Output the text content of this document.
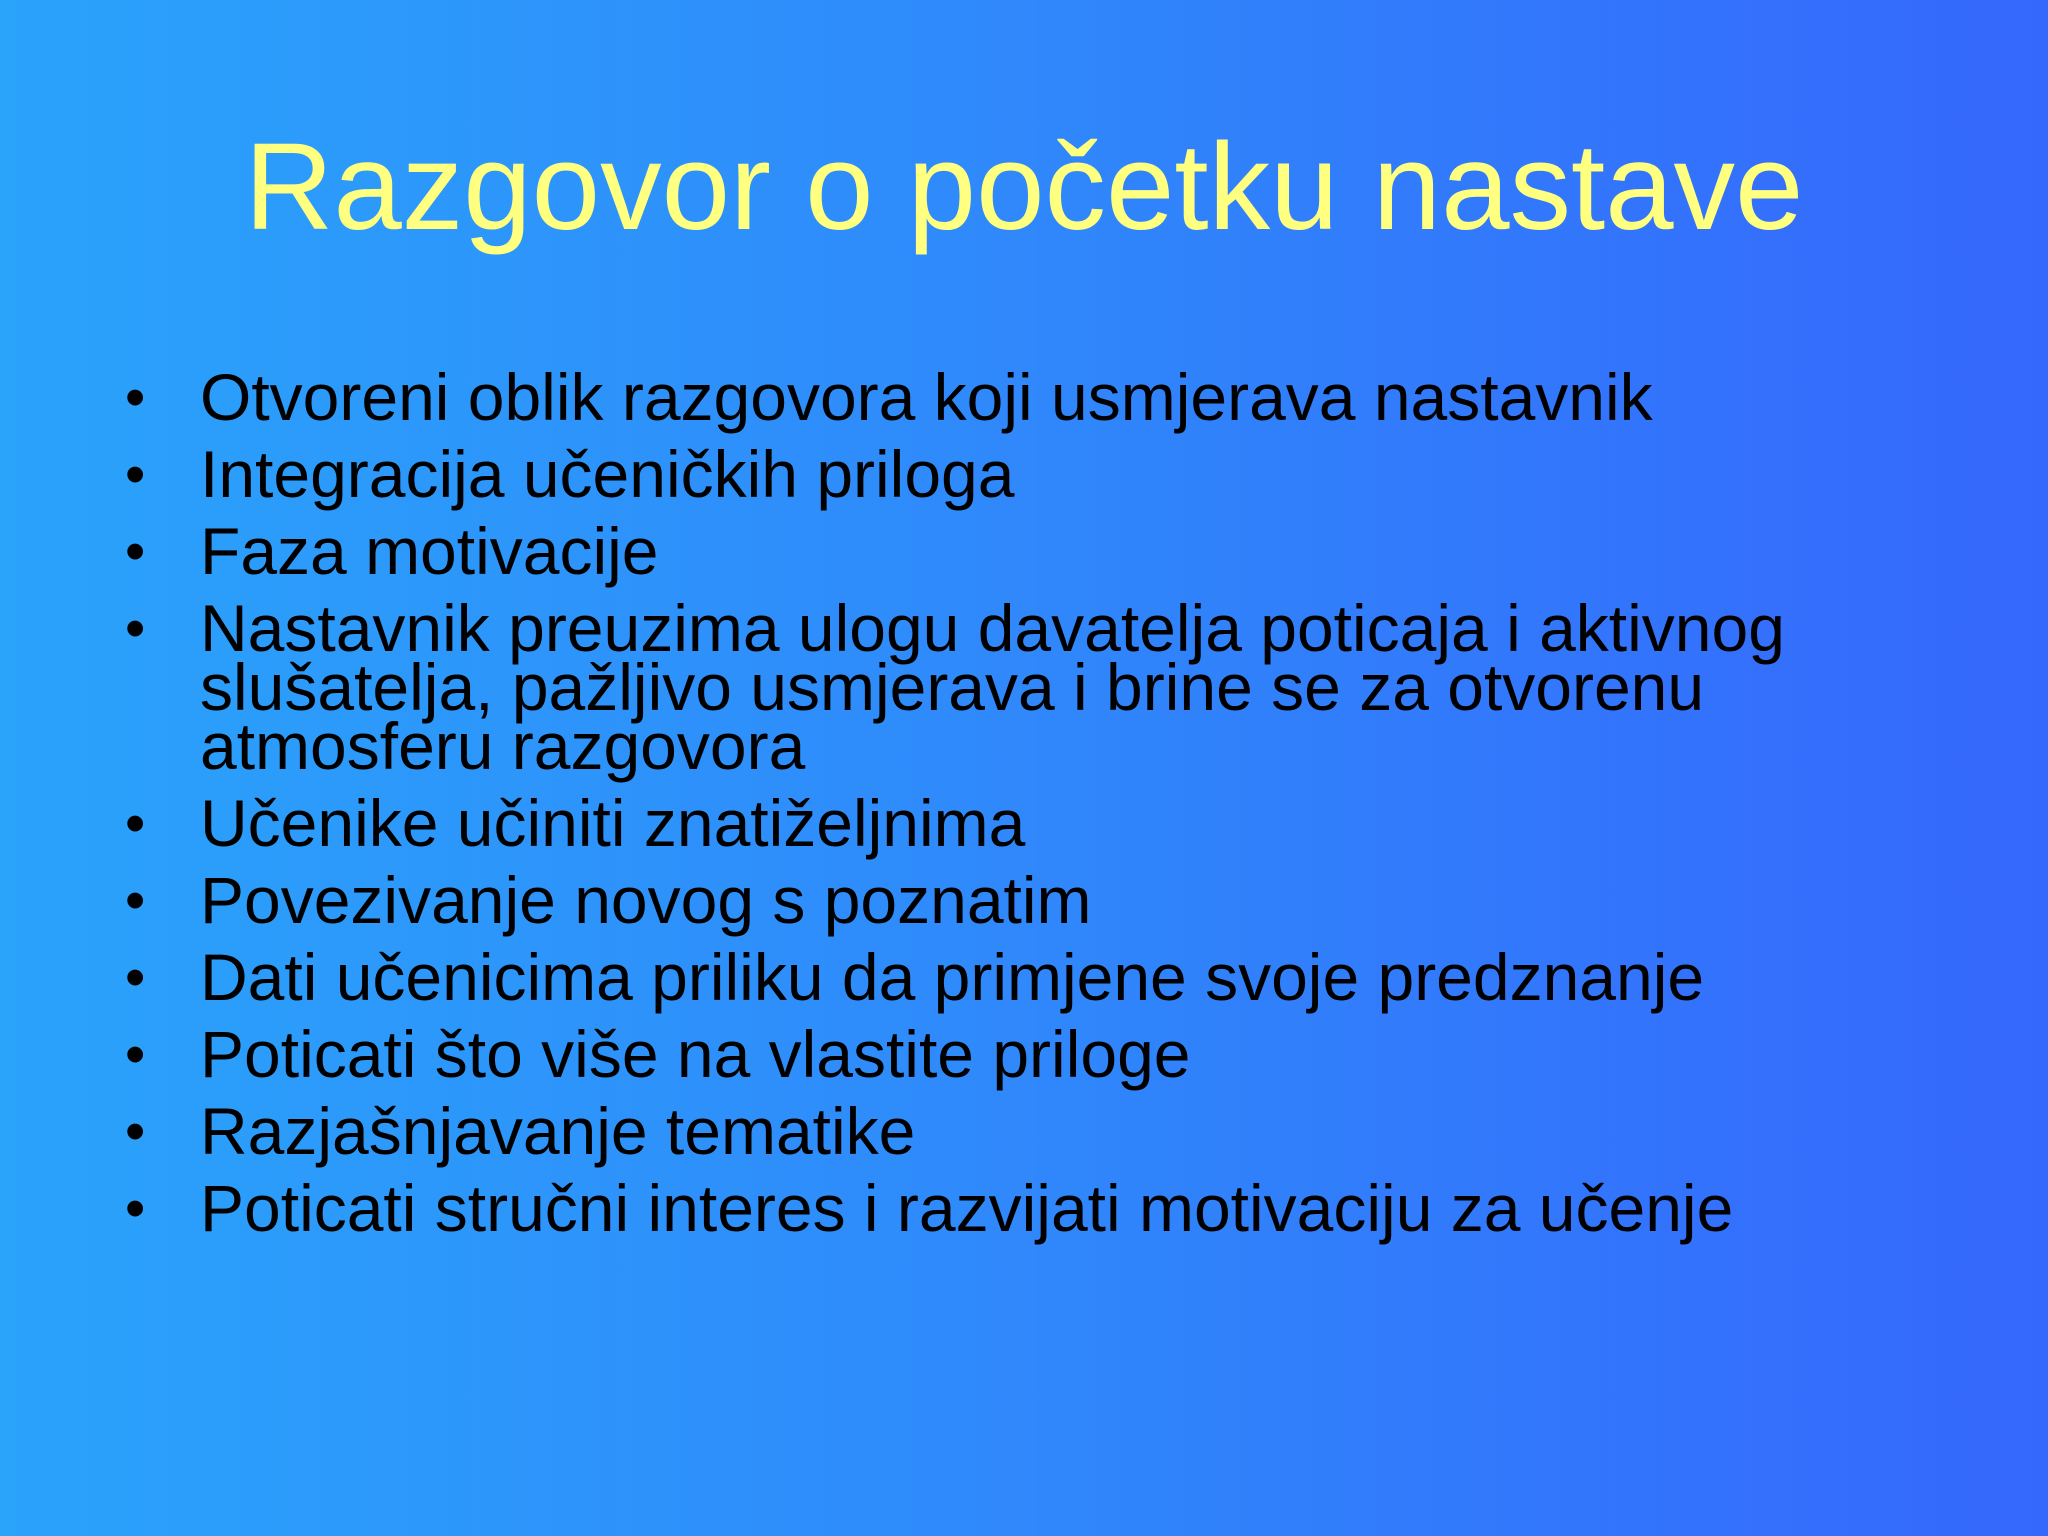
Razgovor o početku nastave
• Otvoreni oblik razgovora koji usmjerava nastavnik
• Integracija učeničkih priloga
• Faza motivacije
• Nastavnik preuzima ulogu davatelja poticaja i aktivnog
slušatelja, pažljivo usmjerava i brine se za otvorenu
atmosferu razgovora
• Učenike učiniti znatiželjnima
• Povezivanje novog s poznatim
• Dati učenicima priliku da primjene svoje predznanje
• Poticati što više na vlastite priloge
• Razjašnjavanje tematike
• Poticati stručni interes i razvijati motivaciju za učenje
